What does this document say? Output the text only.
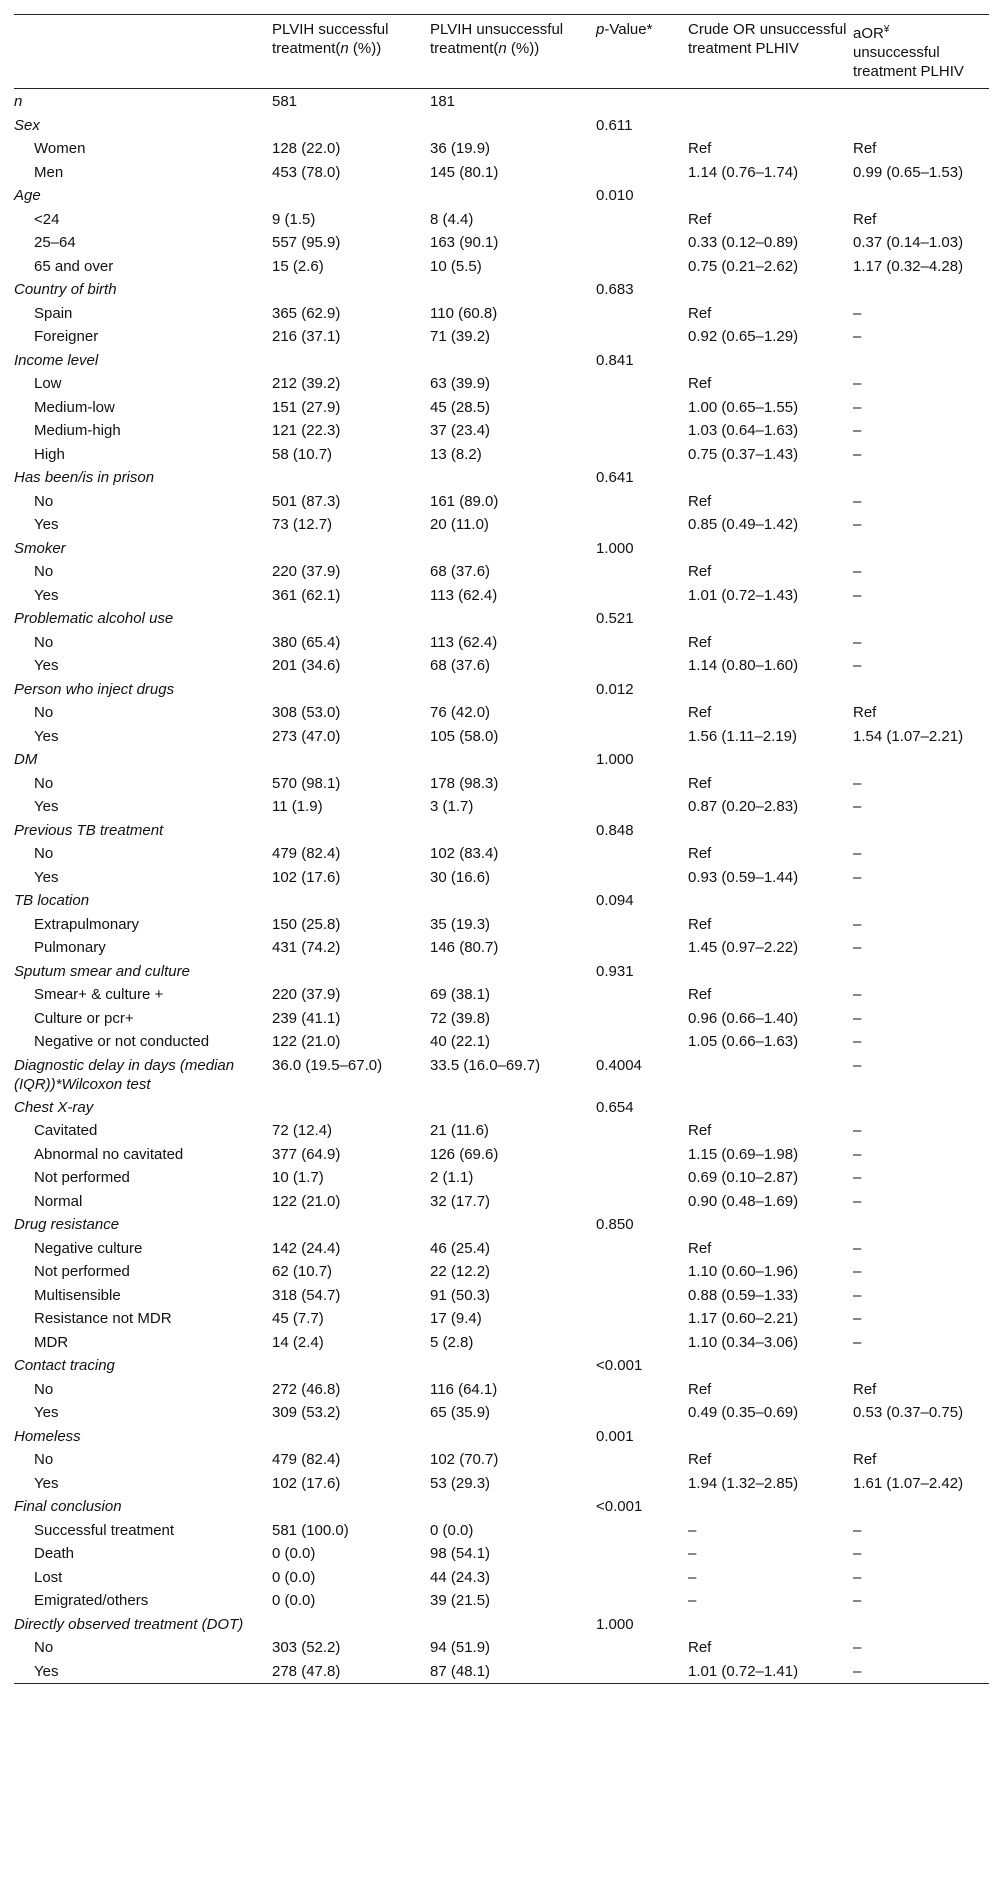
	PLVIH successful treatment(n (%))	PLVIH unsuccessful treatment(n (%))	p-Value*	Crude OR unsuccessful treatment PLHIV	aOR¥
unsuccessful treatment PLHIV
n	581	181			
Sex			0.611		
Women	128 (22.0)	36 (19.9)		Ref	Ref
Men	453 (78.0)	145 (80.1)		1.14 (0.76–1.74)	0.99 (0.65–1.53)
Age			0.010		
<24	9 (1.5)	8 (4.4)		Ref	Ref
25–64	557 (95.9)	163 (90.1)		0.33 (0.12–0.89)	0.37 (0.14–1.03)
65 and over	15 (2.6)	10 (5.5)		0.75 (0.21–2.62)	1.17 (0.32–4.28)
Country of birth			0.683		
Spain	365 (62.9)	110 (60.8)		Ref	–
Foreigner	216 (37.1)	71 (39.2)		0.92 (0.65–1.29)	–
Income level			0.841		
Low	212 (39.2)	63 (39.9)		Ref	–
Medium-low	151 (27.9)	45 (28.5)		1.00 (0.65–1.55)	–
Medium-high	121 (22.3)	37 (23.4)		1.03 (0.64–1.63)	–
High	58 (10.7)	13 (8.2)		0.75 (0.37–1.43)	–
Has been/is in prison			0.641		
No	501 (87.3)	161 (89.0)		Ref	–
Yes	73 (12.7)	20 (11.0)		0.85 (0.49–1.42)	–
Smoker			1.000		
No	220 (37.9)	68 (37.6)		Ref	–
Yes	361 (62.1)	113 (62.4)		1.01 (0.72–1.43)	–
Problematic alcohol use			0.521		
No	380 (65.4)	113 (62.4)		Ref	–
Yes	201 (34.6)	68 (37.6)		1.14 (0.80–1.60)	–
Person who inject drugs			0.012		
No	308 (53.0)	76 (42.0)		Ref	Ref
Yes	273 (47.0)	105 (58.0)		1.56 (1.11–2.19)	1.54 (1.07–2.21)
DM			1.000		
No	570 (98.1)	178 (98.3)		Ref	–
Yes	11 (1.9)	3 (1.7)		0.87 (0.20–2.83)	–
Previous TB treatment			0.848		
No	479 (82.4)	102 (83.4)		Ref	–
Yes	102 (17.6)	30 (16.6)		0.93 (0.59–1.44)	–
TB location			0.094		
Extrapulmonary	150 (25.8)	35 (19.3)		Ref	–
Pulmonary	431 (74.2)	146 (80.7)		1.45 (0.97–2.22)	–
Sputum smear and culture			0.931		
Smear+ & culture +	220 (37.9)	69 (38.1)		Ref	–
Culture or pcr+	239 (41.1)	72 (39.8)		0.96 (0.66–1.40)	–
Negative or not conducted	122 (21.0)	40 (22.1)		1.05 (0.66–1.63)	–
Diagnostic delay in days (median (IQR))*Wilcoxon test	36.0 (19.5–67.0)	33.5 (16.0–69.7)	0.4004		–
Chest X-ray			0.654		
Cavitated	72 (12.4)	21 (11.6)		Ref	–
Abnormal no cavitated	377 (64.9)	126 (69.6)		1.15 (0.69–1.98)	–
Not performed	10 (1.7)	2 (1.1)		0.69 (0.10–2.87)	–
Normal	122 (21.0)	32 (17.7)		0.90 (0.48–1.69)	–
Drug resistance			0.850		
Negative culture	142 (24.4)	46 (25.4)		Ref	–
Not performed	62 (10.7)	22 (12.2)		1.10 (0.60–1.96)	–
Multisensible	318 (54.7)	91 (50.3)		0.88 (0.59–1.33)	–
Resistance not MDR	45 (7.7)	17 (9.4)		1.17 (0.60–2.21)	–
MDR	14 (2.4)	5 (2.8)		1.10 (0.34–3.06)	–
Contact tracing			<0.001		
No	272 (46.8)	116 (64.1)		Ref	Ref
Yes	309 (53.2)	65 (35.9)		0.49 (0.35–0.69)	0.53 (0.37–0.75)
Homeless			0.001		
No	479 (82.4)	102 (70.7)		Ref	Ref
Yes	102 (17.6)	53 (29.3)		1.94 (1.32–2.85)	1.61 (1.07–2.42)
Final conclusion			<0.001		
Successful treatment	581 (100.0)	0 (0.0)		–	–
Death	0 (0.0)	98 (54.1)		–	–
Lost	0 (0.0)	44 (24.3)		–	–
Emigrated/others	0 (0.0)	39 (21.5)		–	–
Directly observed treatment (DOT)			1.000		
No	303 (52.2)	94 (51.9)		Ref	–
Yes	278 (47.8)	87 (48.1)		1.01 (0.72–1.41)	–
